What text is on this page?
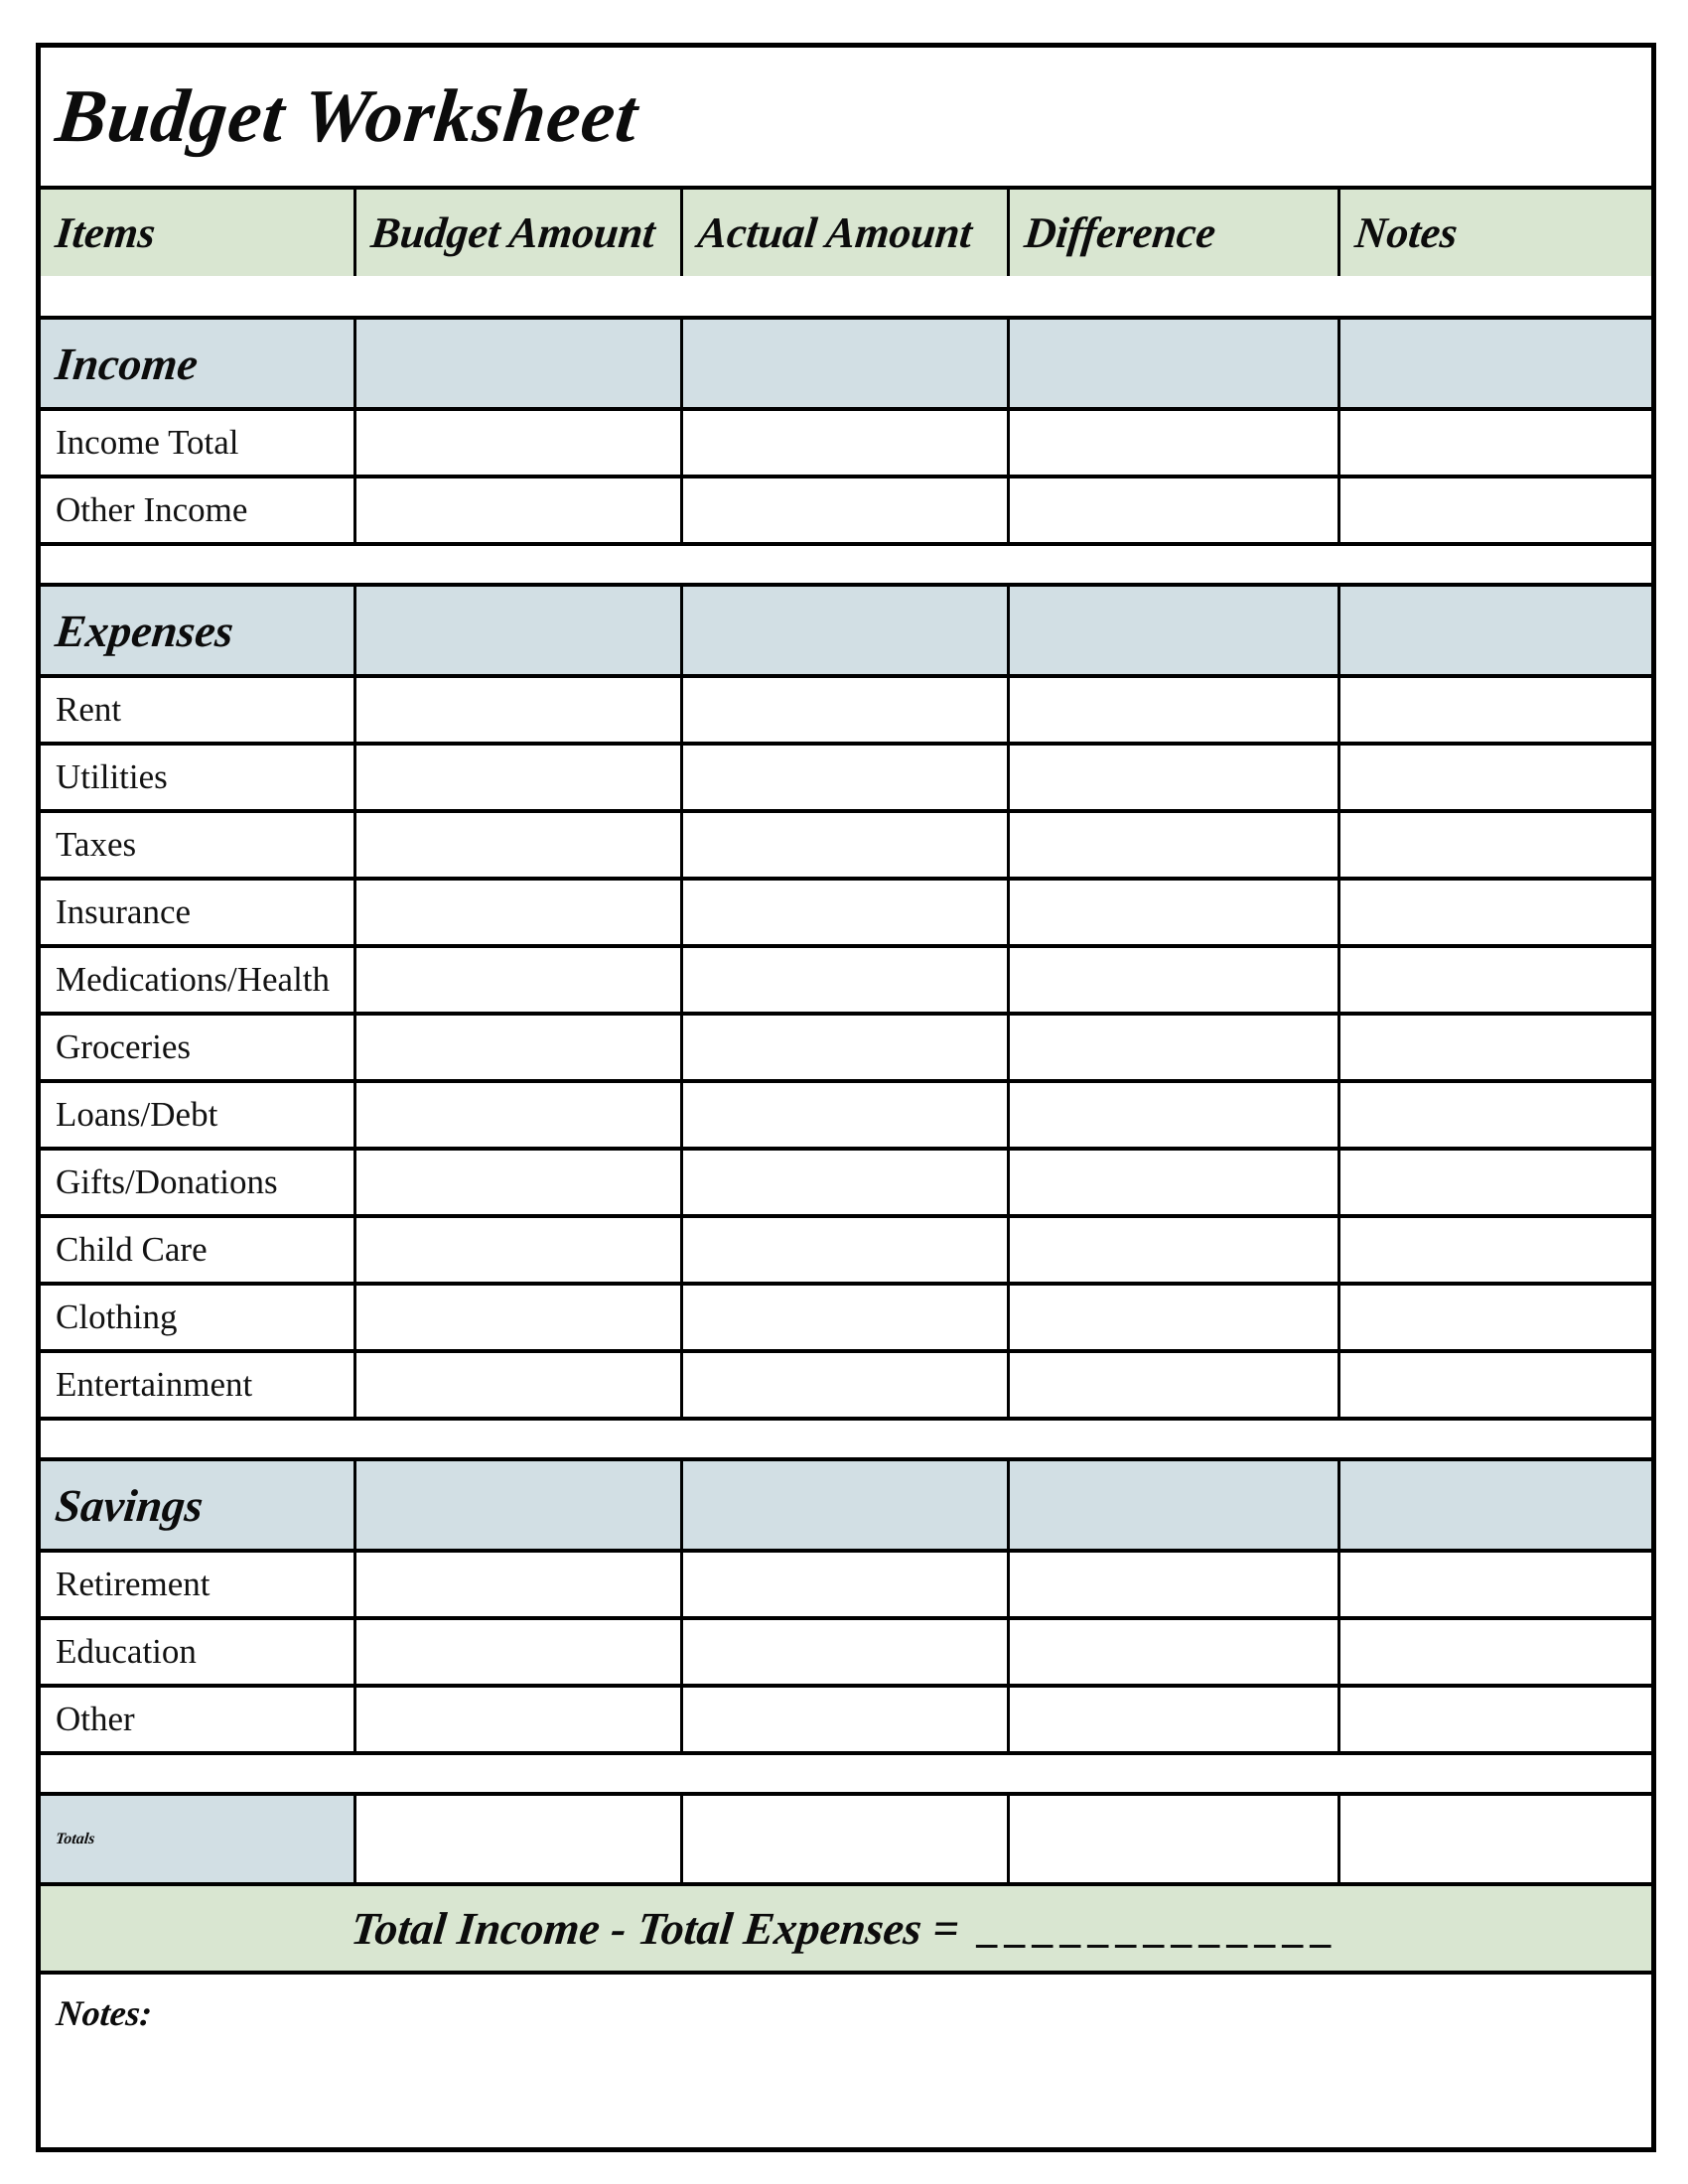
Budget Worksheet
Items	Budget Amount Actual Amount Difference	Notes
Income
Income Total
Other Income
Expenses
Rent
Utilities
Taxes
Insurance
Medications/Health
Groceries
Loans/Debt
Gifts/Donations
Child Care
Clothing
Entertainment
Savings
Retirement
Education
Other
Totals
Total Income - Total Expenses = _____________
Notes:
